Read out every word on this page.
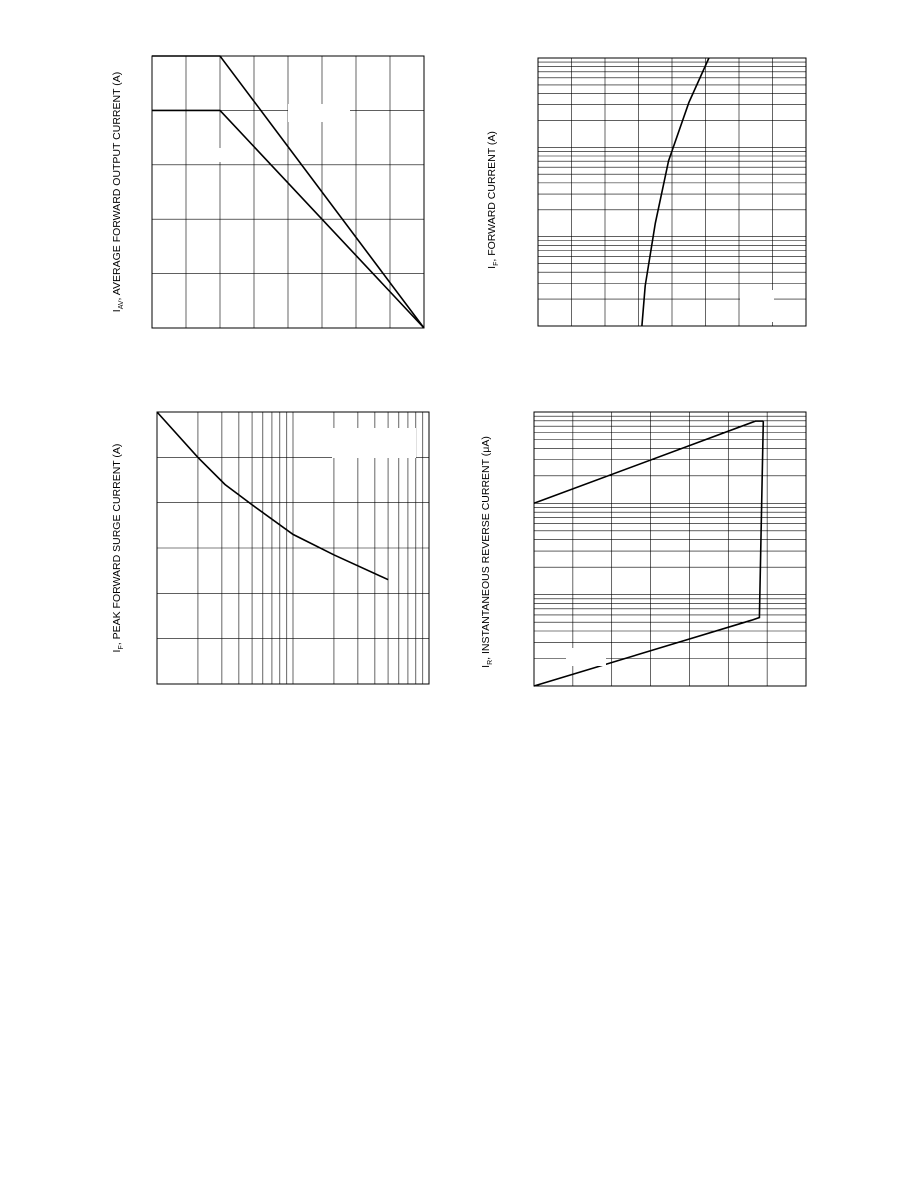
$I_{AV}$, AVERAGE FORWARD OUTPUT CURRENT (A)	$I_F$, FORWARD CURRENT (A)
$I_F$, PEAK FORWARD SURGE CURRENT (A)
$I_R$, INSTANTANEOUS REVERSE CURRENT (μA)
